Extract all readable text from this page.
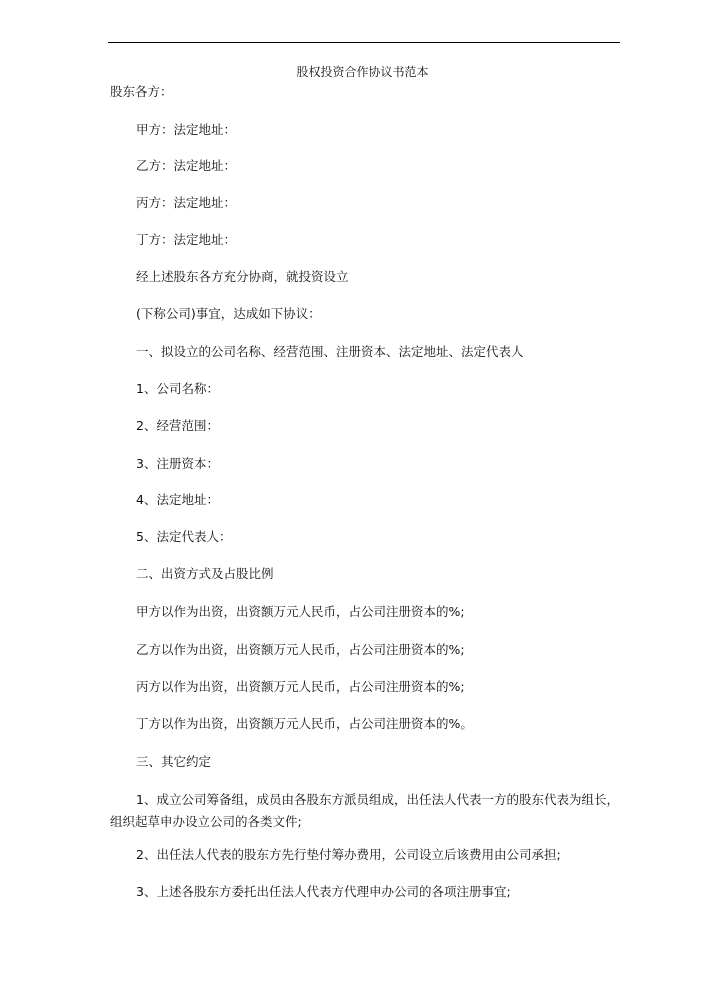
股权投资合作协议书范本
股东各方：
甲方：法定地址：
乙方：法定地址：
丙方：法定地址：
丁方：法定地址：
经上述股东各方充分协商，就投资设立
(下称公司)事宜，达成如下协议：
一、拟设立的公司名称、经营范围、注册资本、法定地址、法定代表人
1、公司名称：
2、经营范围：
3、注册资本：
4、法定地址：
5、法定代表人：
二、出资方式及占股比例
甲方以作为出资，出资额万元人民币，占公司注册资本的%;
乙方以作为出资，出资额万元人民币，占公司注册资本的%;
丙方以作为出资，出资额万元人民币，占公司注册资本的%;
丁方以作为出资，出资额万元人民币，占公司注册资本的%。
三、其它约定
1、成立公司筹备组，成员由各股东方派员组成，出任法人代表一方的股东代表为组长，组织起草申办设立公司的各类文件;
2、出任法人代表的股东方先行垫付筹办费用，公司设立后该费用由公司承担;
3、上述各股东方委托出任法人代表方代理申办公司的各项注册事宜;
